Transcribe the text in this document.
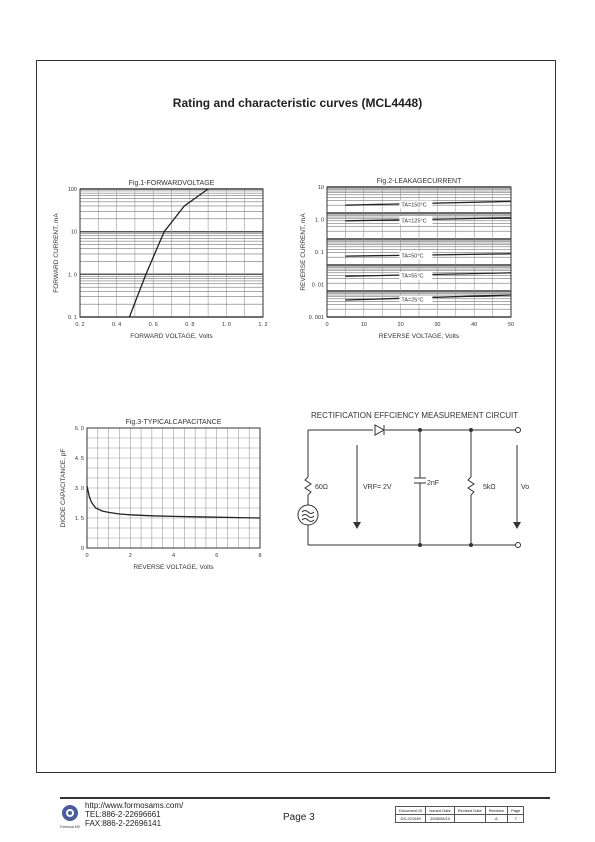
Rating and characteristic curves (MCL4448)
0. 2	0. 4	0. 6	0. 8	1. 0	1. 2
100
10
1. 0
0. 1
Fig.1-FORWARDVOLTAGE
FORWARD VOLTAGE, Volts
FORWARD CURRENT, mA
0	10	20	30	40	50
10
1. 0
0. 1
0. 01
0. 001
Fig.2-LEAKAGECURRENT
REVERSE VOLTAGE, Volts
REVERSE CURRENT, mA
TA=150°C
TA=125°C
TA=50°C
TA=55°C
TA=25°C
0	2	4	6	8
6. 0
4. 5
3. 0
1. 5
0
Fig.3-TYPICALCAPACITANCE
REVERSE VOLTAGE, Volts
DIODE CAPACITANCE, pF
RECTIFICATION EFFCIENCY MEASUREMENT CIRCUIT
60Ω	VRF= 2V
2nF
5kΩ	Vo
Formosa MS
http://www.formosams.com/
TEL:886-2-22696661
FAX:886-2-22696141
Page 3
Document ID	Issued Date	Revised Date	Revision	Page
DS-221949	2008/08/10		A	7
